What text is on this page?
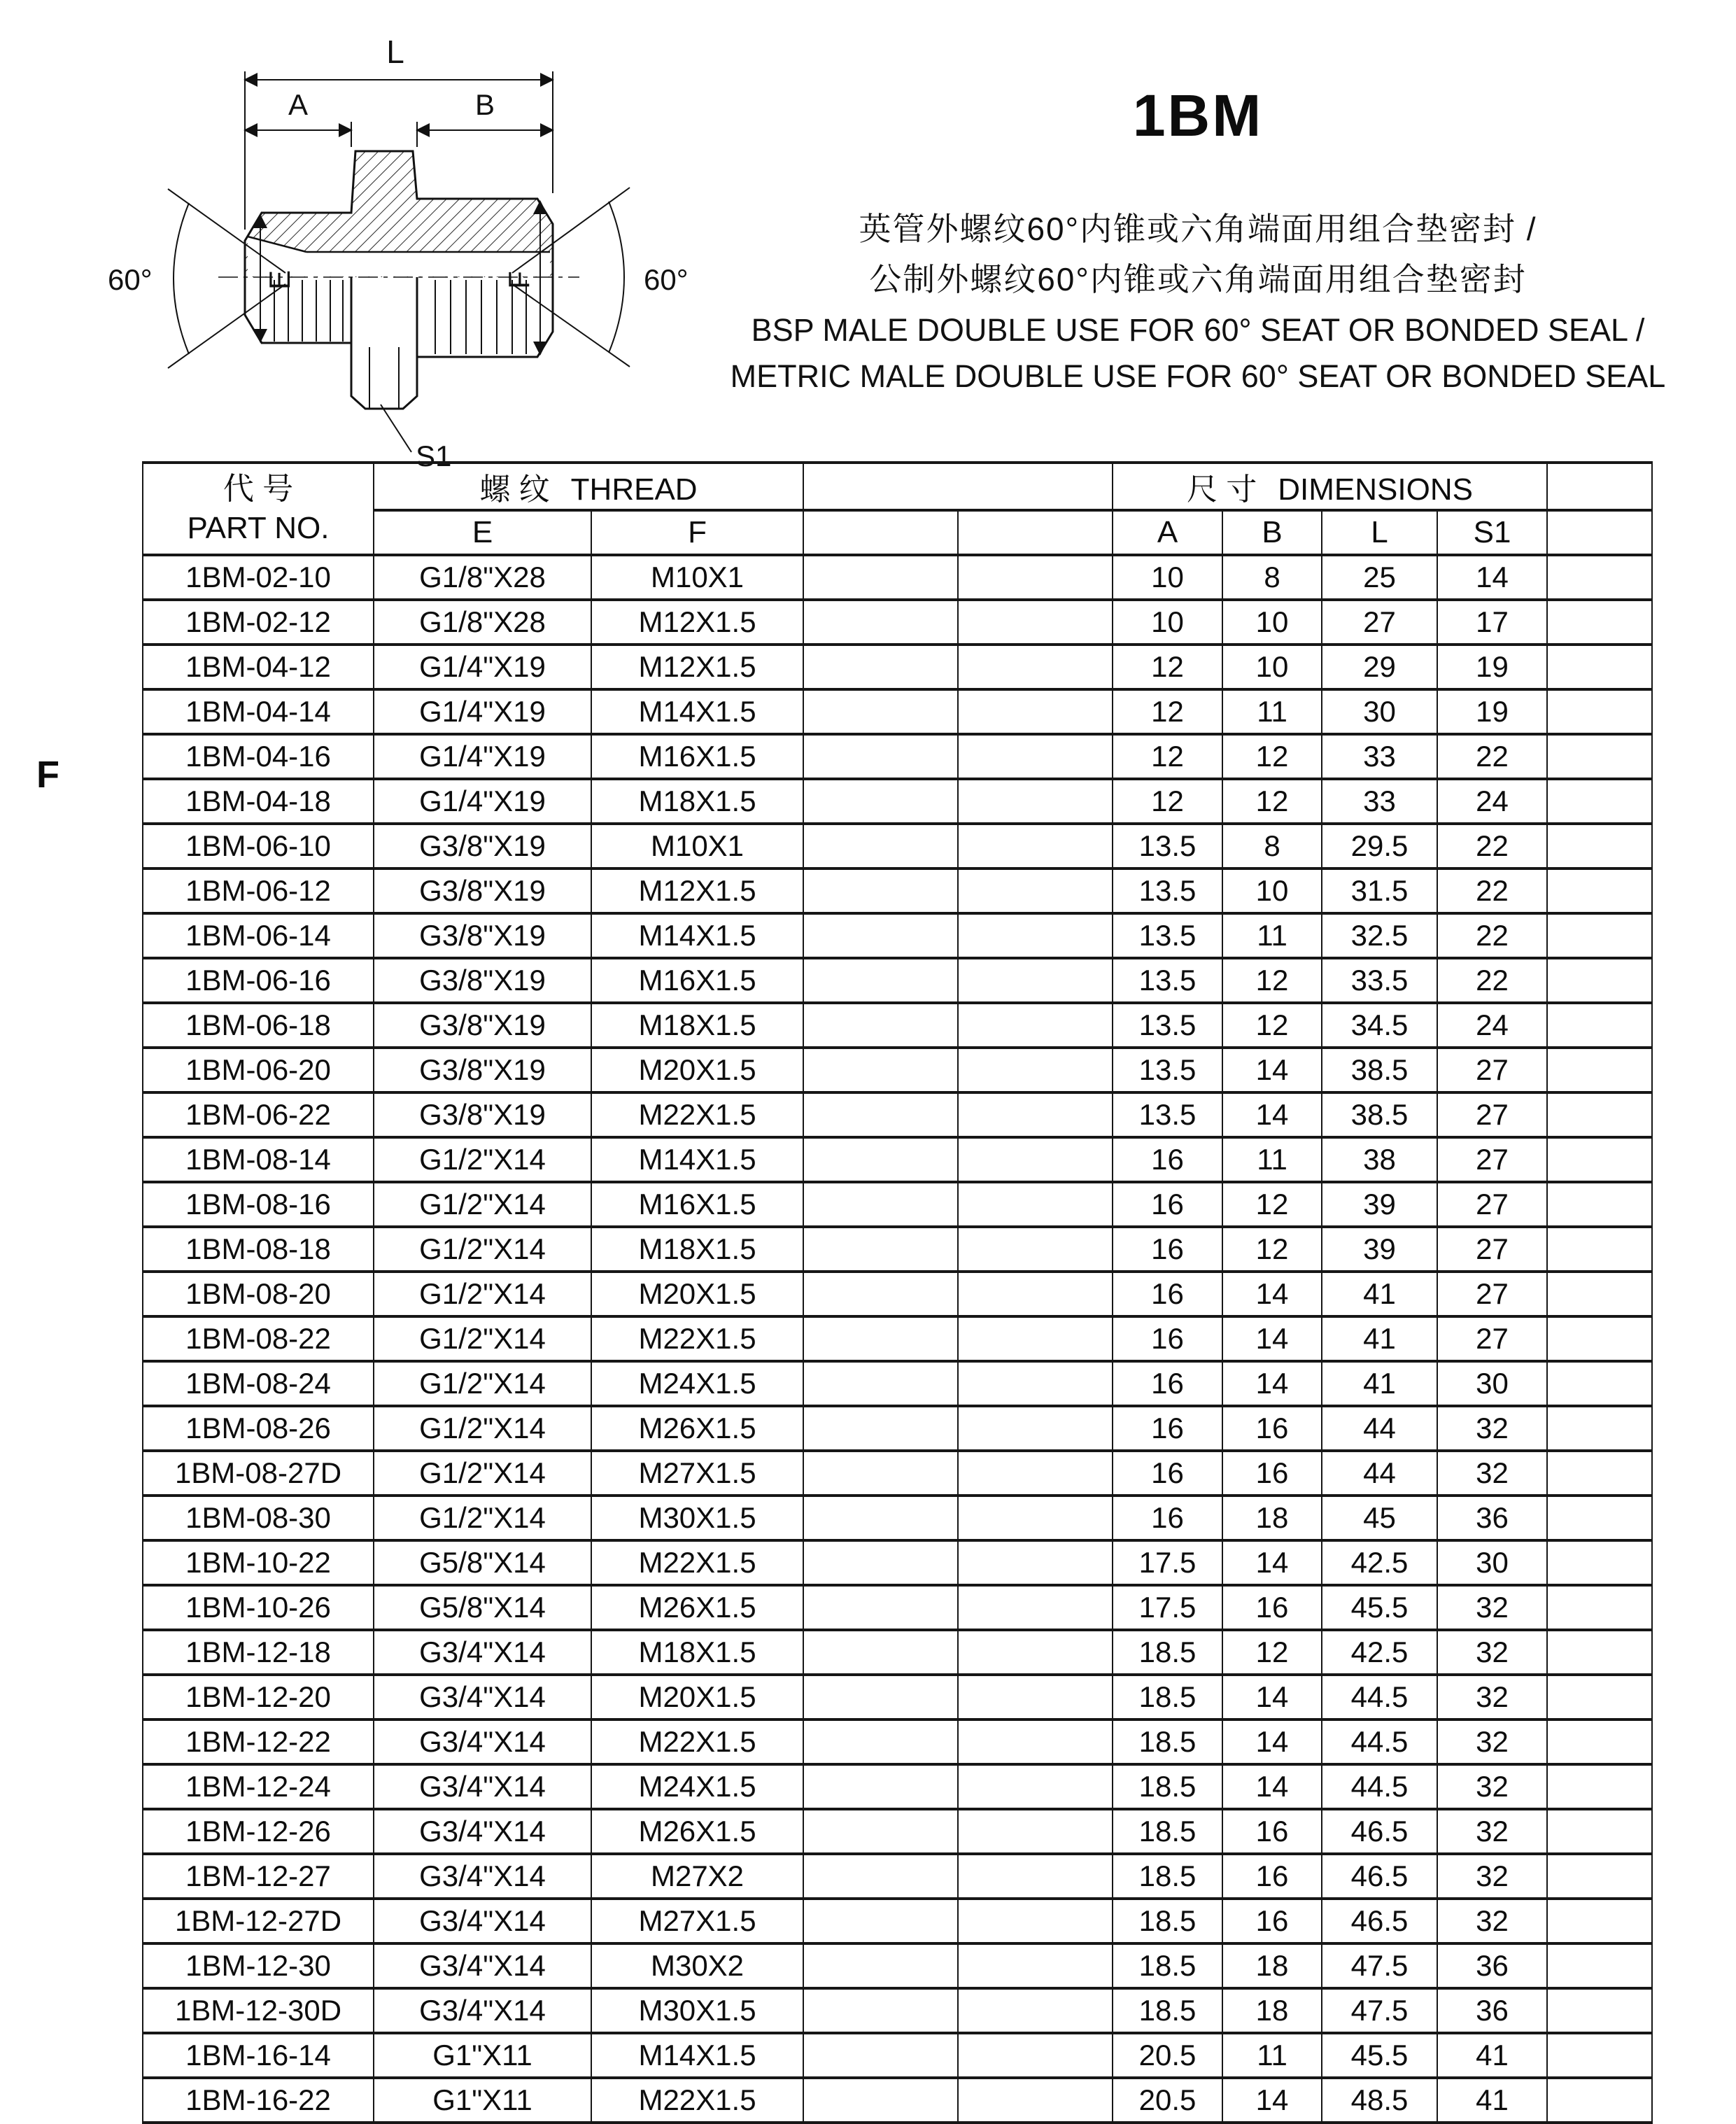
1BM
英管外螺纹60°内锥或六角端面用组合垫密封 /
公制外螺纹60°内锥或六角端面用组合垫密封
BSP MALE DOUBLE USE FOR 60° SEAT OR BONDED SEAL /
METRIC MALE DOUBLE USE FOR 60° SEAT OR BONDED SEAL
F
L
A	B
E	F
60°	60°
S1
代 号
PART NO.	螺 纹 THREAD				尺 寸 DIMENSIONS				
	E	F			A	B	L	S1	
1BM-02-10	G1/8"X28	M10X1			10	8	25	14	
1BM-02-12	G1/8"X28	M12X1.5			10	10	27	17	
1BM-04-12	G1/4"X19	M12X1.5			12	10	29	19	
1BM-04-14	G1/4"X19	M14X1.5			12	11	30	19	
1BM-04-16	G1/4"X19	M16X1.5			12	12	33	22	
1BM-04-18	G1/4"X19	M18X1.5			12	12	33	24	
1BM-06-10	G3/8"X19	M10X1			13.5	8	29.5	22	
1BM-06-12	G3/8"X19	M12X1.5			13.5	10	31.5	22	
1BM-06-14	G3/8"X19	M14X1.5			13.5	11	32.5	22	
1BM-06-16	G3/8"X19	M16X1.5			13.5	12	33.5	22	
1BM-06-18	G3/8"X19	M18X1.5			13.5	12	34.5	24	
1BM-06-20	G3/8"X19	M20X1.5			13.5	14	38.5	27	
1BM-06-22	G3/8"X19	M22X1.5			13.5	14	38.5	27	
1BM-08-14	G1/2"X14	M14X1.5			16	11	38	27	
1BM-08-16	G1/2"X14	M16X1.5			16	12	39	27	
1BM-08-18	G1/2"X14	M18X1.5			16	12	39	27	
1BM-08-20	G1/2"X14	M20X1.5			16	14	41	27	
1BM-08-22	G1/2"X14	M22X1.5			16	14	41	27	
1BM-08-24	G1/2"X14	M24X1.5			16	14	41	30	
1BM-08-26	G1/2"X14	M26X1.5			16	16	44	32	
1BM-08-27D	G1/2"X14	M27X1.5			16	16	44	32	
1BM-08-30	G1/2"X14	M30X1.5			16	18	45	36	
1BM-10-22	G5/8"X14	M22X1.5			17.5	14	42.5	30	
1BM-10-26	G5/8"X14	M26X1.5			17.5	16	45.5	32	
1BM-12-18	G3/4"X14	M18X1.5			18.5	12	42.5	32	
1BM-12-20	G3/4"X14	M20X1.5			18.5	14	44.5	32	
1BM-12-22	G3/4"X14	M22X1.5			18.5	14	44.5	32	
1BM-12-24	G3/4"X14	M24X1.5			18.5	14	44.5	32	
1BM-12-26	G3/4"X14	M26X1.5			18.5	16	46.5	32	
1BM-12-27	G3/4"X14	M27X2			18.5	16	46.5	32	
1BM-12-27D	G3/4"X14	M27X1.5			18.5	16	46.5	32	
1BM-12-30	G3/4"X14	M30X2			18.5	18	47.5	36	
1BM-12-30D	G3/4"X14	M30X1.5			18.5	18	47.5	36	
1BM-16-14	G1"X11	M14X1.5			20.5	11	45.5	41	
1BM-16-22	G1"X11	M22X1.5			20.5	14	48.5	41	
